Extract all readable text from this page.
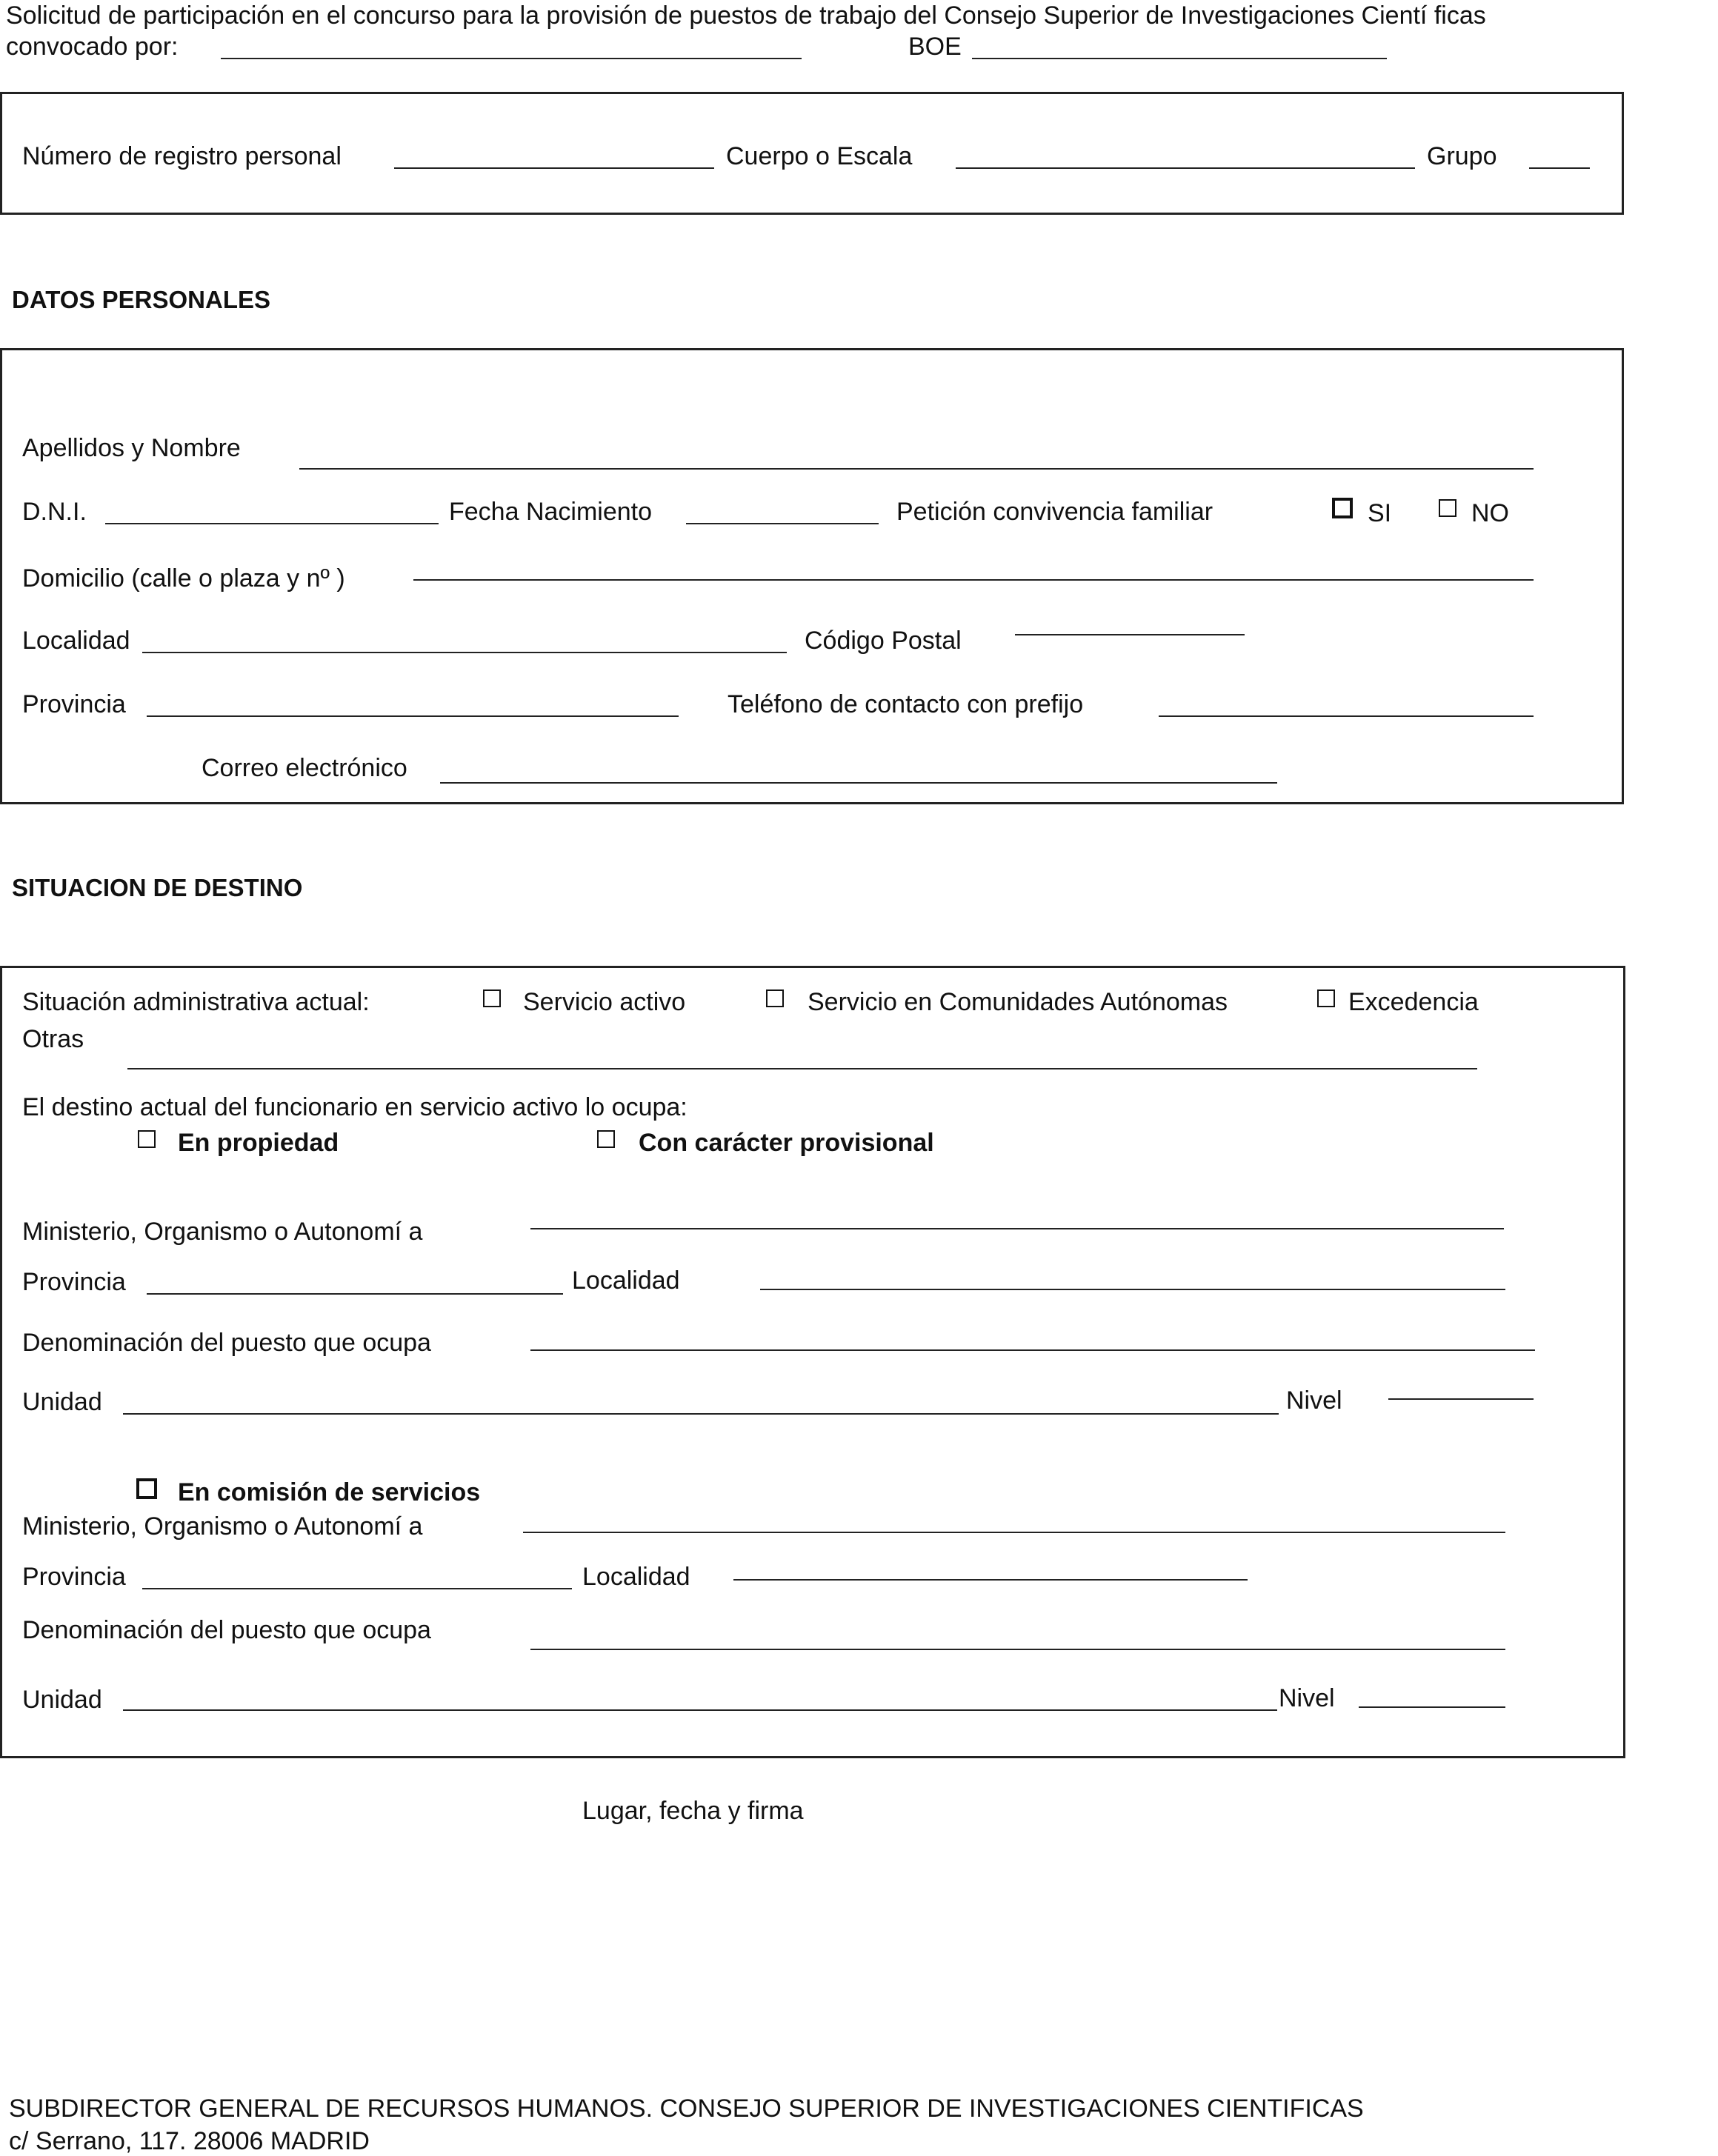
Solicitud de participación en el concurso para la provisión de puestos de trabajo del Consejo Superior de Investigaciones Cientí ficas
convocado por:	BOE
Número de registro personal	Cuerpo o Escala	Grupo
DATOS PERSONALES
Apellidos y Nombre
D.N.I.	Fecha Nacimiento	Petición convivencia familiar	SI	NO
Domicilio (calle o plaza y nº )
Localidad	Código Postal
Provincia	Teléfono de contacto con prefijo
Correo electrónico
SITUACION DE DESTINO
Situación administrativa actual:	Servicio activo	Servicio en Comunidades Autónomas	Excedencia
Otras
El destino actual del funcionario en servicio activo lo ocupa:
En propiedad	Con carácter provisional
Ministerio, Organismo o Autonomí a
Provincia	Localidad
Denominación del puesto que ocupa
Unidad	Nivel
En comisión de servicios
Ministerio, Organismo o Autonomí a
Provincia	Localidad
Denominación del puesto que ocupa
Unidad	Nivel
Lugar, fecha y firma
SUBDIRECTOR GENERAL DE RECURSOS HUMANOS. CONSEJO SUPERIOR DE INVESTIGACIONES CIENTIFICAS
c/ Serrano, 117. 28006 MADRID
